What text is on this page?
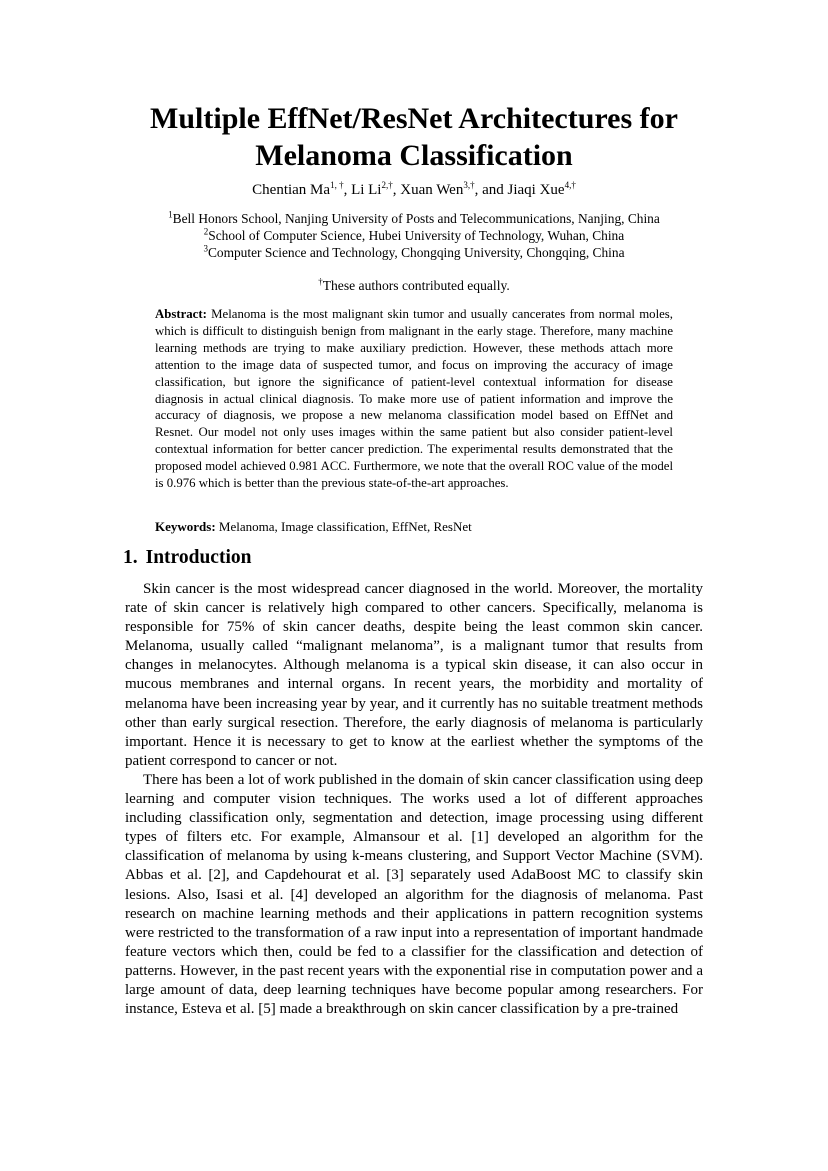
Multiple EffNet/ResNet Architectures for Melanoma Classification
Chentian $Ma^{1, \dagger}$, Li $Li^{2,\dagger}$, Xuan Wen$^{3,\dagger}$, and Jiaqi Xue$^{4,\dagger}$
$^1$Bell Honors School, Nanjing University of Posts and Telecommunications, Nanjing, China
$^2$School of Computer Science, Hubei University of Technology, Wuhan, China
$^3$Computer Science and Technology, Chongqing University, Chongqing, China
†These authors contributed equally.

Abstract: Melanoma is the most malignant skin tumor and usually cancerates from normal moles, which is difficult to distinguish benign from malignant in the early stage. Therefore, many machine learning methods are trying to make auxiliary prediction. However, these methods attach more attention to the image data of suspected tumor, and focus on improving the accuracy of image classification, but ignore the significance of patient-level contextual information for disease diagnosis in actual clinical diagnosis. To make more use of patient information and improve the accuracy of diagnosis, we propose a new melanoma classification model based on EffNet and Resnet. Our model not only uses images within the same patient but also consider patient-level contextual information for better cancer prediction. The experimental results demonstrated that the proposed model achieved 0.981 ACC. Furthermore, we note that the overall ROC value of the model is 0.976 which is better than the previous state-of-the-art approaches.

Keywords: Melanoma, Image classification, EffNet, ResNet

1. Introduction

Skin cancer is the most widespread cancer diagnosed in the world. Moreover, the mortality rate of skin cancer is relatively high compared to other cancers. Specifically, melanoma is responsible for 75% of skin cancer deaths, despite being the least common skin cancer. Melanoma, usually called “malignant melanoma”, is a malignant tumor that results from changes in melanocytes. Although melanoma is a typical skin disease, it can also occur in mucous membranes and internal organs. In recent years, the morbidity and mortality of melanoma have been increasing year by year, and it currently has no suitable treatment methods other than early surgical resection. Therefore, the early diagnosis of melanoma is particularly important. Hence it is necessary to get to know at the earliest whether the symptoms of the patient correspond to cancer or not.

There has been a lot of work published in the domain of skin cancer classification using deep learning and computer vision techniques. The works used a lot of different approaches including classification only, segmentation and detection, image processing using different types of filters etc. For example, Almansour et al. [1] developed an algorithm for the classification of melanoma by using k-means clustering, and Support Vector Machine (SVM). Abbas et al. [2], and Capdehourat et al. [3] separately used AdaBoost MC to classify skin lesions. Also, Isasi et al. [4] developed an algorithm for the diagnosis of melanoma. Past research on machine learning methods and their applications in pattern recognition systems were restricted to the transformation of a raw input into a representation of important handmade feature vectors which then, could be fed to a classifier for the classification and detection of patterns. However, in the past recent years with the exponential rise in computation power and a large amount of data, deep learning techniques have become popular among researchers. For instance, Esteva et al. [5] made a breakthrough on skin cancer classification by a pre-trained
